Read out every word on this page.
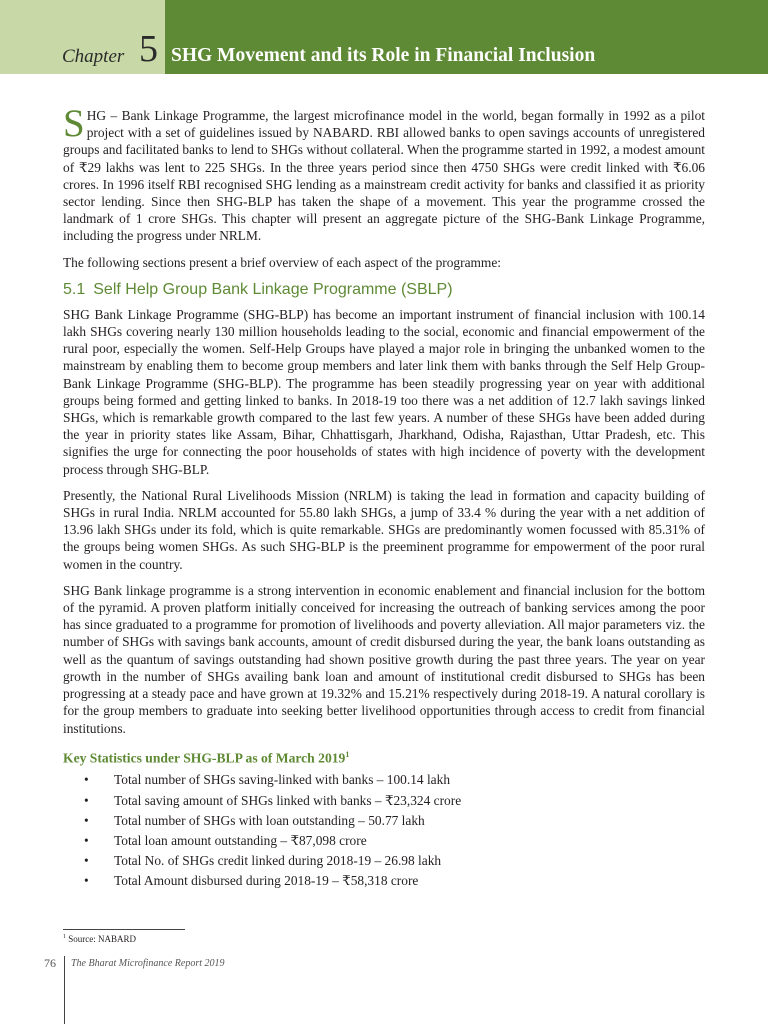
Chapter 5 SHG Movement and its Role in Financial Inclusion

SHG – Bank Linkage Programme, the largest microfinance model in the world, began formally in 1992 as a pilot project with a set of guidelines issued by NABARD. RBI allowed banks to open savings accounts of unregistered groups and facilitated banks to lend to SHGs without collateral. When the programme started in 1992, a modest amount of ₹29 lakhs was lent to 225 SHGs. In the three years period since then 4750 SHGs were credit linked with ₹6.06 crores. In 1996 itself RBI recognised SHG lending as a mainstream credit activity for banks and classified it as priority sector lending. Since then SHG-BLP has taken the shape of a movement. This year the programme crossed the landmark of 1 crore SHGs. This chapter will present an aggregate picture of the SHG-Bank Linkage Programme, including the progress under NRLM.

The following sections present a brief overview of each aspect of the programme:

5.1 Self Help Group Bank Linkage Programme (SBLP)

SHG Bank Linkage Programme (SHG-BLP) has become an important instrument of financial inclusion with 100.14 lakh SHGs covering nearly 130 million households leading to the social, economic and financial empowerment of the rural poor, especially the women. Self-Help Groups have played a major role in bringing the unbanked women to the mainstream by enabling them to become group members and later link them with banks through the Self Help Group-Bank Linkage Programme (SHG-BLP). The programme has been steadily progressing year on year with additional groups being formed and getting linked to banks. In 2018-19 too there was a net addition of 12.7 lakh savings linked SHGs, which is remarkable growth compared to the last few years. A number of these SHGs have been added during the year in priority states like Assam, Bihar, Chhattisgarh, Jharkhand, Odisha, Rajasthan, Uttar Pradesh, etc. This signifies the urge for connecting the poor households of states with high incidence of poverty with the development process through SHG-BLP.

Presently, the National Rural Livelihoods Mission (NRLM) is taking the lead in formation and capacity building of SHGs in rural India. NRLM accounted for 55.80 lakh SHGs, a jump of 33.4 % during the year with a net addition of 13.96 lakh SHGs under its fold, which is quite remarkable. SHGs are predominantly women focussed with 85.31% of the groups being women SHGs. As such SHG-BLP is the preeminent programme for empowerment of the poor rural women in the country.

SHG Bank linkage programme is a strong intervention in economic enablement and financial inclusion for the bottom of the pyramid. A proven platform initially conceived for increasing the outreach of banking services among the poor has since graduated to a programme for promotion of livelihoods and poverty alleviation. All major parameters viz. the number of SHGs with savings bank accounts, amount of credit disbursed during the year, the bank loans outstanding as well as the quantum of savings outstanding had shown positive growth during the past three years. The year on year growth in the number of SHGs availing bank loan and amount of institutional credit disbursed to SHGs has been progressing at a steady pace and have grown at 19.32% and 15.21% respectively during 2018-19. A natural corollary is for the group members to graduate into seeking better livelihood opportunities through access to credit from financial institutions.

Key Statistics under SHG-BLP as of March 2019$^1$
• Total number of SHGs saving-linked with banks – 100.14 lakh
• Total saving amount of SHGs linked with banks – ₹23,324 crore
• Total number of SHGs with loan outstanding – 50.77 lakh
• Total loan amount outstanding – ₹87,098 crore
• Total No. of SHGs credit linked during 2018-19 – 26.98 lakh
• Total Amount disbursed during 2018-19 – ₹58,318 crore
$^1$ Source: NABARD
76 The Bharat Microfinance Report 2019
